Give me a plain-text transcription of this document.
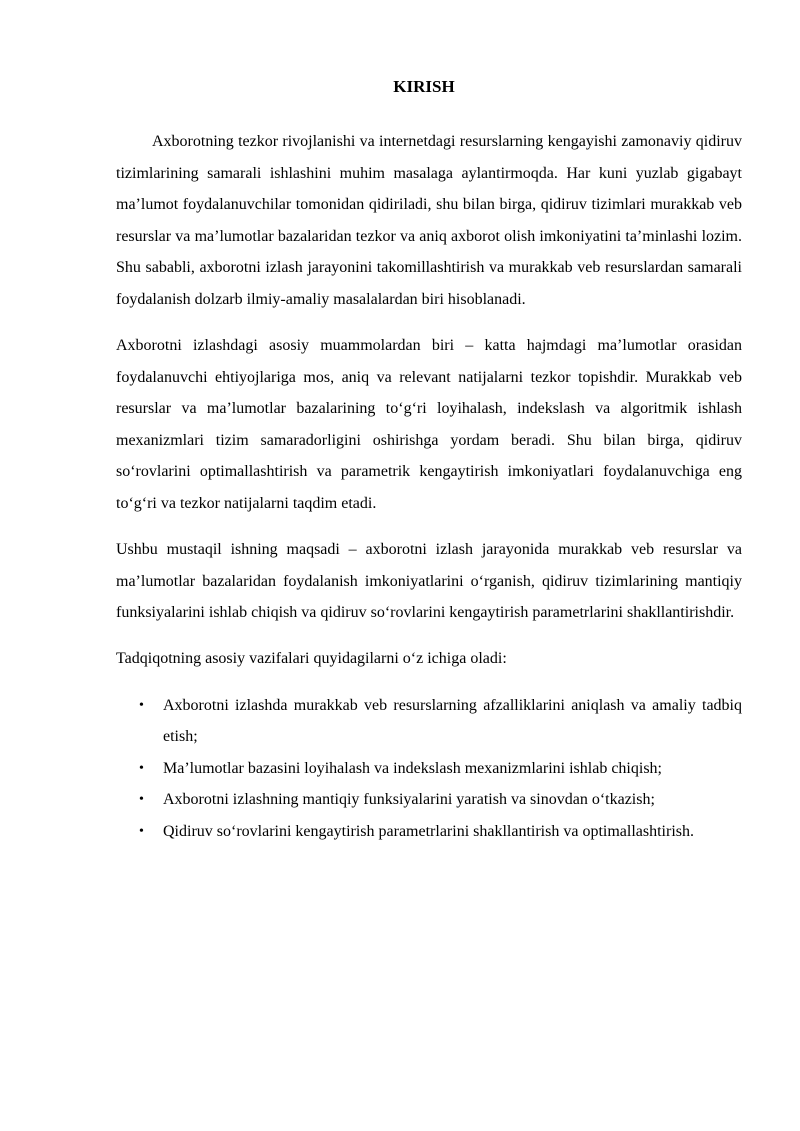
KIRISH

Axborotning tezkor rivojlanishi va internetdagi resurslarning kengayishi zamonaviy qidiruv tizimlarining samarali ishlashini muhim masalaga aylantirmoqda. Har kuni yuzlab gigabayt ma’lumot foydalanuvchilar tomonidan qidiriladi, shu bilan birga, qidiruv tizimlari murakkab veb resurslar va ma’lumotlar bazalaridan tezkor va aniq axborot olish imkoniyatini ta’minlashi lozim. Shu sababli, axborotni izlash jarayonini takomillashtirish va murakkab veb resurslardan samarali foydalanish dolzarb ilmiy-amaliy masalalardan biri hisoblanadi.

Axborotni izlashdagi asosiy muammolardan biri – katta hajmdagi ma’lumotlar orasidan foydalanuvchi ehtiyojlariga mos, aniq va relevant natijalarni tezkor topishdir. Murakkab veb resurslar va ma’lumotlar bazalarining to‘g‘ri loyihalash, indekslash va algoritmik ishlash mexanizmlari tizim samaradorligini oshirishga yordam beradi. Shu bilan birga, qidiruv so‘rovlarini optimallashtirish va parametrik kengaytirish imkoniyatlari foydalanuvchiga eng to‘g‘ri va tezkor natijalarni taqdim etadi.

Ushbu mustaqil ishning maqsadi – axborotni izlash jarayonida murakkab veb resurslar va ma’lumotlar bazalaridan foydalanish imkoniyatlarini o‘rganish, qidiruv tizimlarining mantiqiy funksiyalarini ishlab chiqish va qidiruv so‘rovlarini kengaytirish parametrlarini shakllantirishdir.

Tadqiqotning asosiy vazifalari quyidagilarni o‘z ichiga oladi:

• Axborotni izlashda murakkab veb resurslarning afzalliklarini aniqlash va amaliy tadbiq etish;
• Ma’lumotlar bazasini loyihalash va indekslash mexanizmlarini ishlab chiqish;
• Axborotni izlashning mantiqiy funksiyalarini yaratish va sinovdan o‘tkazish;
• Qidiruv so‘rovlarini kengaytirish parametrlarini shakllantirish va optimallashtirish.
